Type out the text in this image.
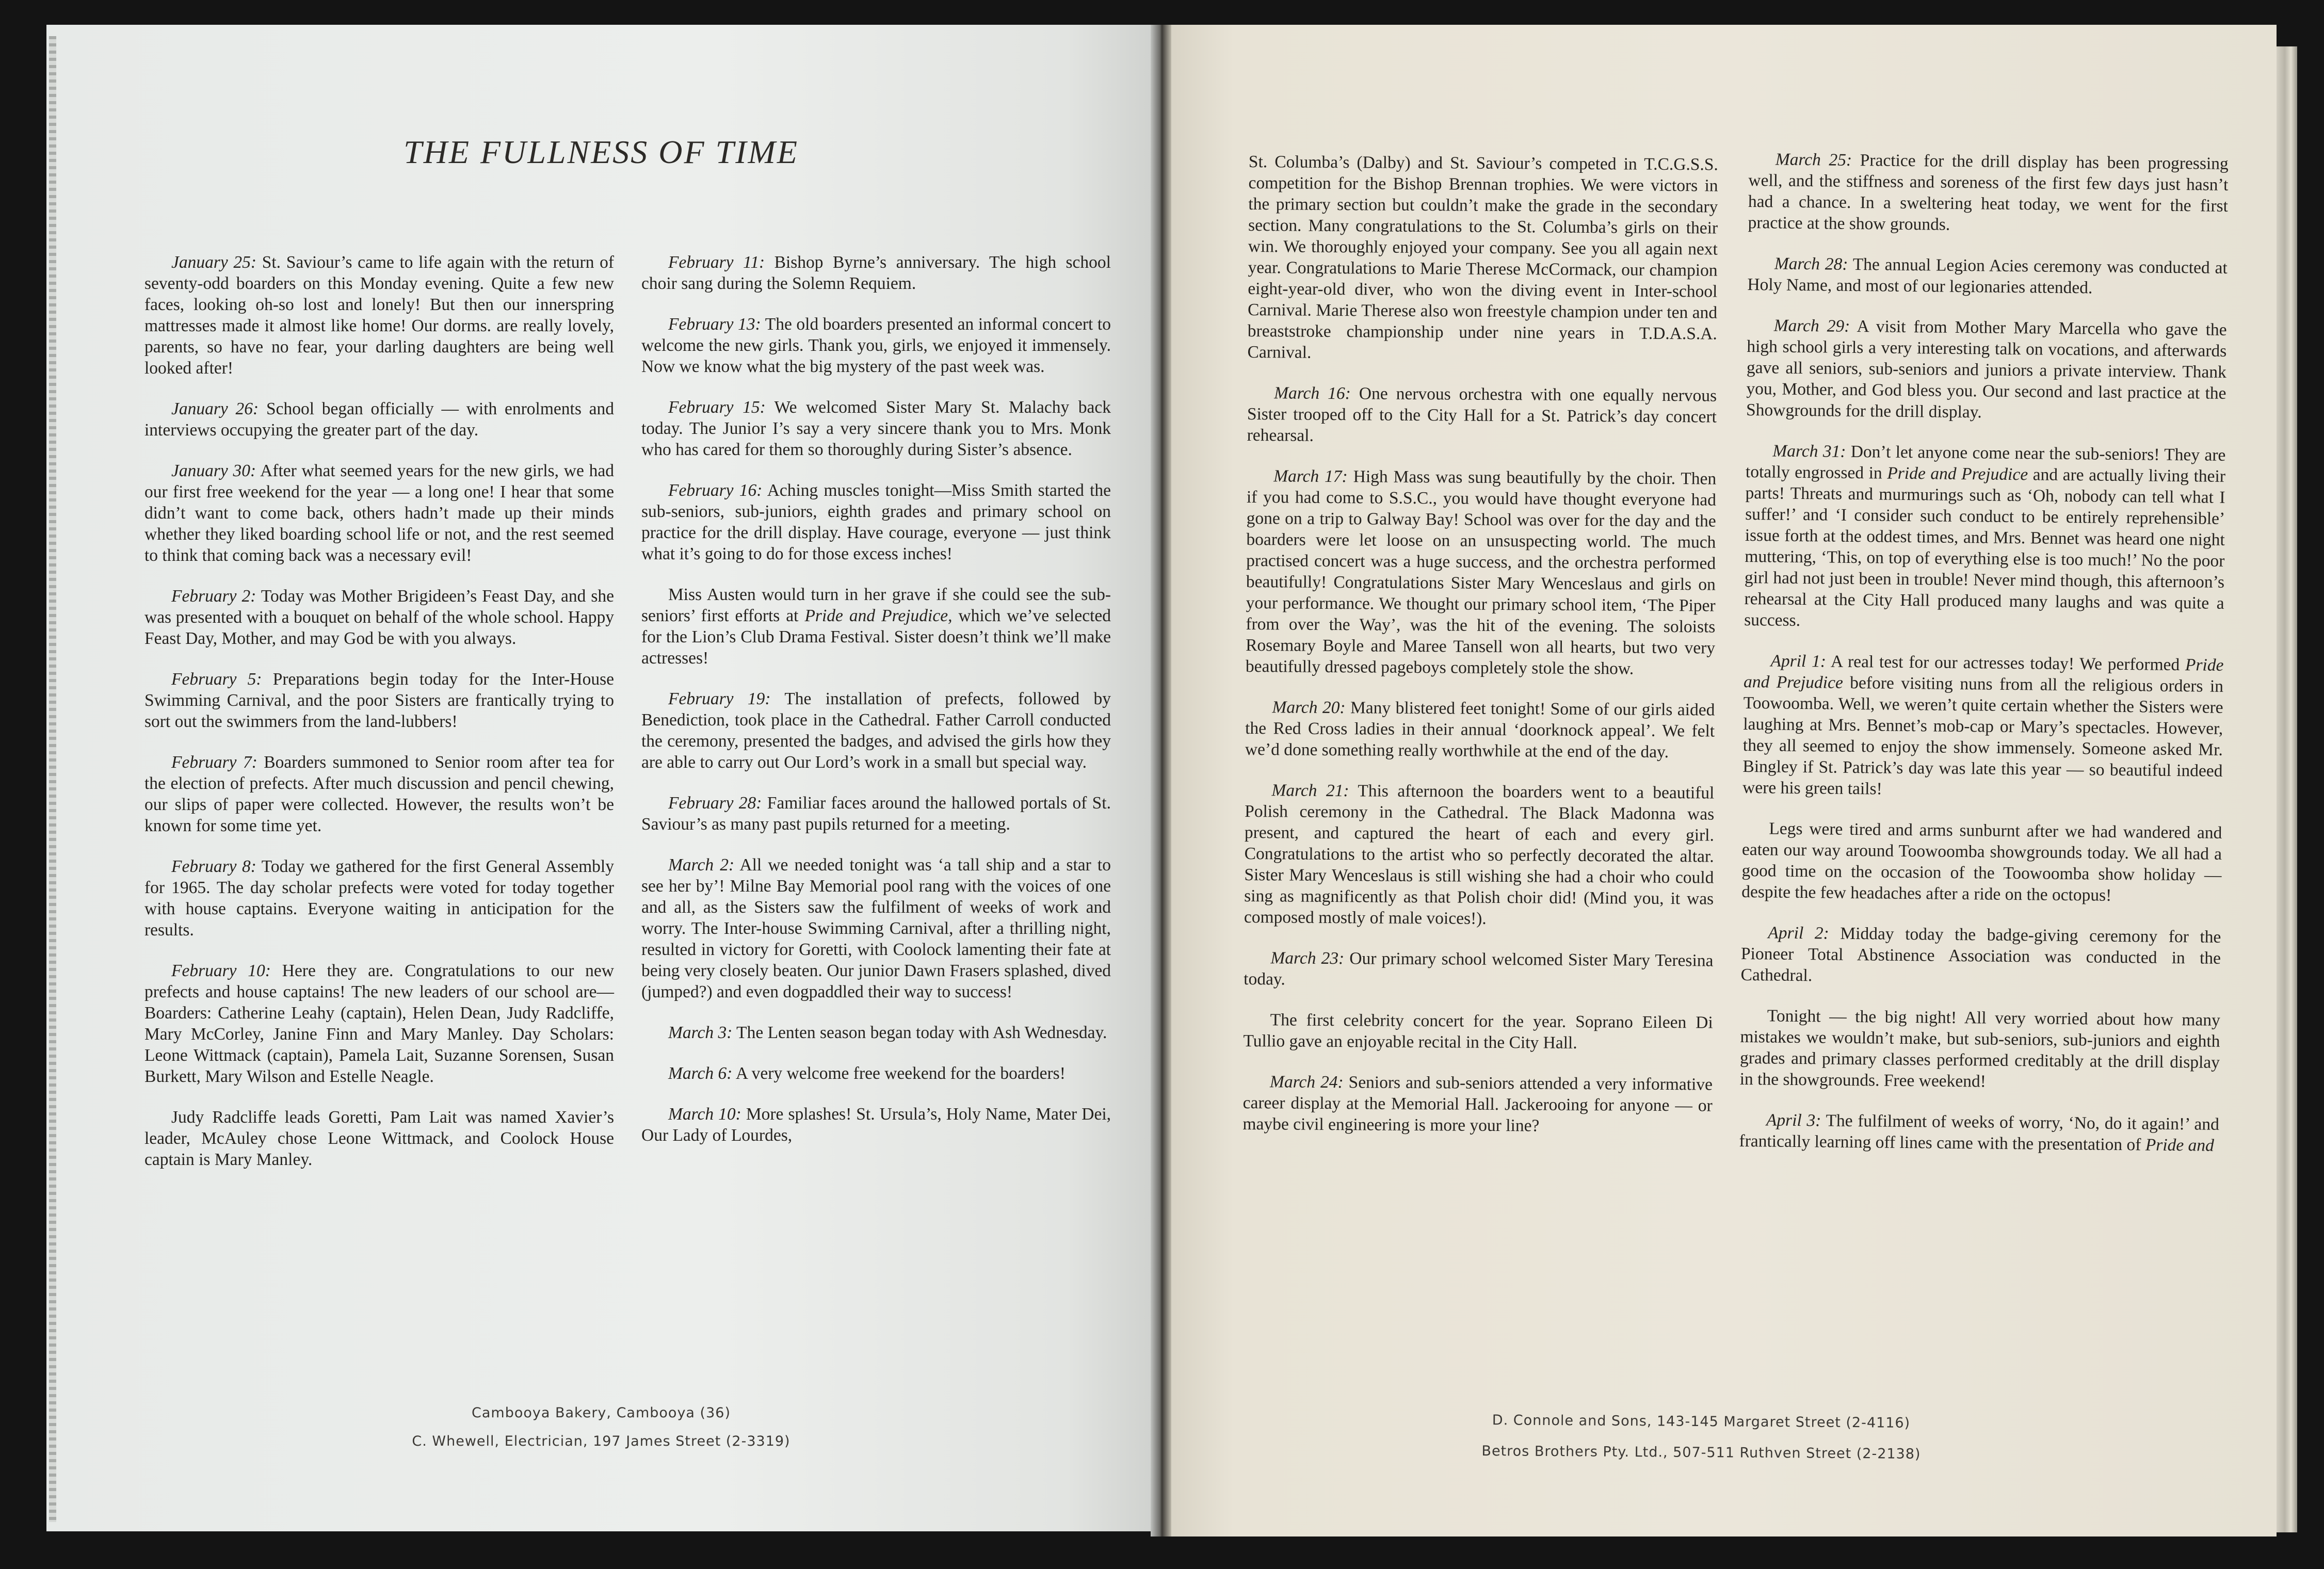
THE FULLNESS OF TIME

January 25: St. Saviour’s came to life again with the return of seventy-odd boarders on this Monday evening. Quite a few new faces, looking oh-so lost and lonely! But then our innerspring mattresses made it almost like home! Our dorms. are really lovely, parents, so have no fear, your darling daughters are being well looked after!

January 26: School began officially — with enrolments and interviews occupying the greater part of the day.

January 30: After what seemed years for the new girls, we had our first free weekend for the year — a long one! I hear that some didn’t want to come back, others hadn’t made up their minds whether they liked boarding school life or not, and the rest seemed to think that coming back was a necessary evil!

February 2: Today was Mother Brigideen’s Feast Day, and she was presented with a bouquet on behalf of the whole school. Happy Feast Day, Mother, and may God be with you always.

February 5: Preparations begin today for the Inter-House Swimming Carnival, and the poor Sisters are frantically trying to sort out the swimmers from the land-lubbers!

February 7: Boarders summoned to Senior room after tea for the election of prefects. After much discussion and pencil chewing, our slips of paper were collected. However, the results won’t be known for some time yet.

February 8: Today we gathered for the first General Assembly for 1965. The day scholar prefects were voted for today together with house captains. Everyone waiting in anticipation for the results.

February 10: Here they are. Congratulations to our new prefects and house captains! The new leaders of our school are—Boarders: Catherine Leahy (captain), Helen Dean, Judy Radcliffe, Mary McCorley, Janine Finn and Mary Manley. Day Scholars: Leone Wittmack (captain), Pamela Lait, Suzanne Sorensen, Susan Burkett, Mary Wilson and Estelle Neagle.

Judy Radcliffe leads Goretti, Pam Lait was named Xavier’s leader, McAuley chose Leone Wittmack, and Coolock House captain is Mary Manley.

February 11: Bishop Byrne’s anniversary. The high school choir sang during the Solemn Requiem.

February 13: The old boarders presented an informal concert to welcome the new girls. Thank you, girls, we enjoyed it immensely. Now we know what the big mystery of the past week was.

February 15: We welcomed Sister Mary St. Malachy back today. The Junior I’s say a very sincere thank you to Mrs. Monk who has cared for them so thoroughly during Sister’s absence.

February 16: Aching muscles tonight—Miss Smith started the sub-seniors, sub-juniors, eighth grades and primary school on practice for the drill display. Have courage, everyone — just think what it’s going to do for those excess inches!

Miss Austen would turn in her grave if she could see the sub-seniors’ first efforts at Pride and Prejudice, which we’ve selected for the Lion’s Club Drama Festival. Sister doesn’t think we’ll make actresses!

February 19: The installation of prefects, followed by Benediction, took place in the Cathedral. Father Carroll conducted the ceremony, presented the badges, and advised the girls how they are able to carry out Our Lord’s work in a small but special way.

February 28: Familiar faces around the hallowed portals of St. Saviour’s as many past pupils returned for a meeting.

March 2: All we needed tonight was ‘a tall ship and a star to see her by’! Milne Bay Memorial pool rang with the voices of one and all, as the Sisters saw the fulfilment of weeks of work and worry. The Inter-house Swimming Carnival, after a thrilling night, resulted in victory for Goretti, with Coolock lamenting their fate at being very closely beaten. Our junior Dawn Frasers splashed, dived (jumped?) and even dogpaddled their way to success!

March 3: The Lenten season began today with Ash Wednesday.

March 6: A very welcome free weekend for the boarders!

March 10: More splashes! St. Ursula’s, Holy Name, Mater Dei, Our Lady of Lourdes,

Cambooya Bakery, Cambooya (36)

C. Whewell, Electrician, 197 James Street (2-3319)

St. Columba’s (Dalby) and St. Saviour’s competed in T.C.G.S.S. competition for the Bishop Brennan trophies. We were victors in the primary section but couldn’t make the grade in the secondary section. Many congratulations to the St. Columba’s girls on their win. We thoroughly enjoyed your company. See you all again next year. Congratulations to Marie Therese McCormack, our champion eight-year-old diver, who won the diving event in Inter-school Carnival. Marie Therese also won freestyle champion under ten and breaststroke championship under nine years in T.D.A.S.A. Carnival.

March 16: One nervous orchestra with one equally nervous Sister trooped off to the City Hall for a St. Patrick’s day concert rehearsal.

March 17: High Mass was sung beautifully by the choir. Then if you had come to S.S.C., you would have thought everyone had gone on a trip to Galway Bay! School was over for the day and the boarders were let loose on an unsuspecting world. The much practised concert was a huge success, and the orchestra performed beautifully! Congratulations Sister Mary Wenceslaus and girls on your performance. We thought our primary school item, ‘The Piper from over the Way’, was the hit of the evening. The soloists Rosemary Boyle and Maree Tansell won all hearts, but two very beautifully dressed pageboys completely stole the show.

March 20: Many blistered feet tonight! Some of our girls aided the Red Cross ladies in their annual ‘doorknock appeal’. We felt we’d done something really worthwhile at the end of the day.

March 21: This afternoon the boarders went to a beautiful Polish ceremony in the Cathedral. The Black Madonna was present, and captured the heart of each and every girl. Congratulations to the artist who so perfectly decorated the altar. Sister Mary Wenceslaus is still wishing she had a choir who could sing as magnificently as that Polish choir did! (Mind you, it was composed mostly of male voices!).

March 23: Our primary school welcomed Sister Mary Teresina today.

The first celebrity concert for the year. Soprano Eileen Di Tullio gave an enjoyable recital in the City Hall.

March 24: Seniors and sub-seniors attended a very informative career display at the Memorial Hall. Jackerooing for anyone — or maybe civil engineering is more your line?

March 25: Practice for the drill display has been progressing well, and the stiffness and soreness of the first few days just hasn’t had a chance. In a sweltering heat today, we went for the first practice at the show grounds.

March 28: The annual Legion Acies ceremony was conducted at Holy Name, and most of our legionaries attended.

March 29: A visit from Mother Mary Marcella who gave the high school girls a very interesting talk on vocations, and afterwards gave all seniors, sub-seniors and juniors a private interview. Thank you, Mother, and God bless you. Our second and last practice at the Showgrounds for the drill display.

March 31: Don’t let anyone come near the sub-seniors! They are totally engrossed in Pride and Prejudice and are actually living their parts! Threats and murmurings such as ‘Oh, nobody can tell what I suffer!’ and ‘I consider such conduct to be entirely reprehensible’ issue forth at the oddest times, and Mrs. Bennet was heard one night muttering, ‘This, on top of everything else is too much!’ No the poor girl had not just been in trouble! Never mind though, this afternoon’s rehearsal at the City Hall produced many laughs and was quite a success.

April 1: A real test for our actresses today! We performed Pride and Prejudice before visiting nuns from all the religious orders in Toowoomba. Well, we weren’t quite certain whether the Sisters were laughing at Mrs. Bennet’s mob-cap or Mary’s spectacles. However, they all seemed to enjoy the show immensely. Someone asked Mr. Bingley if St. Patrick’s day was late this year — so beautiful indeed were his green tails!

Legs were tired and arms sunburnt after we had wandered and eaten our way around Toowoomba showgrounds today. We all had a good time on the occasion of the Toowoomba show holiday — despite the few headaches after a ride on the octopus!

April 2: Midday today the badge-giving ceremony for the Pioneer Total Abstinence Association was conducted in the Cathedral.

Tonight — the big night! All very worried about how many mistakes we wouldn’t make, but sub-seniors, sub-juniors and eighth grades and primary classes performed creditably at the drill display in the showgrounds. Free weekend!

April 3: The fulfilment of weeks of worry, ‘No, do it again!’ and frantically learning off lines came with the presentation of Pride and

D. Connole and Sons, 143-145 Margaret Street (2-4116)

Betros Brothers Pty. Ltd., 507-511 Ruthven Street (2-2138)
